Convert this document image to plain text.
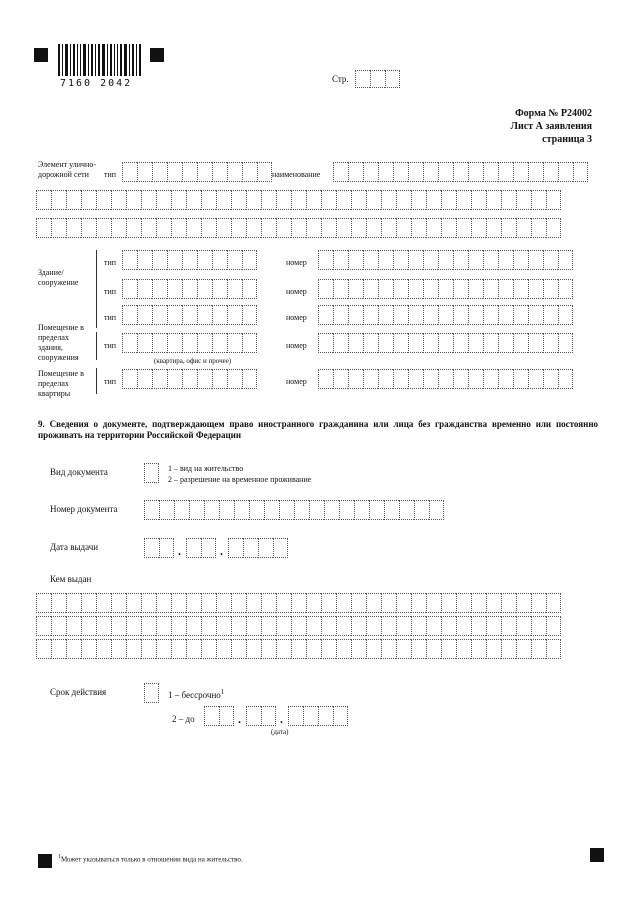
7160 2042	Стр.
Форма № Р24002
Лист А заявления
страница 3
Элемент улично-дорожной сети	тип	наименование
Здание/ сооружение
тип	номер
тип	номер
тип	номер
Помещение в пределах здания, сооружения
тип	номер
(квартира, офис и прочее)
Помещение в пределах квартиры
тип	номер
9. Сведения о документе, подтверждающем право иностранного гражданина или лица без гражданства временно или постоянно проживать на территории Российской Федерации
Вид документа	1 – вид на жительство
2 – разрешение на временное проживание
Номер документа
Дата выдачи	.	.
Кем выдан
Срок действия	1 – бессрочно$^1$
2 – до	.	.
(дата)
$^1$Может указываться только в отношении вида на жительство.
